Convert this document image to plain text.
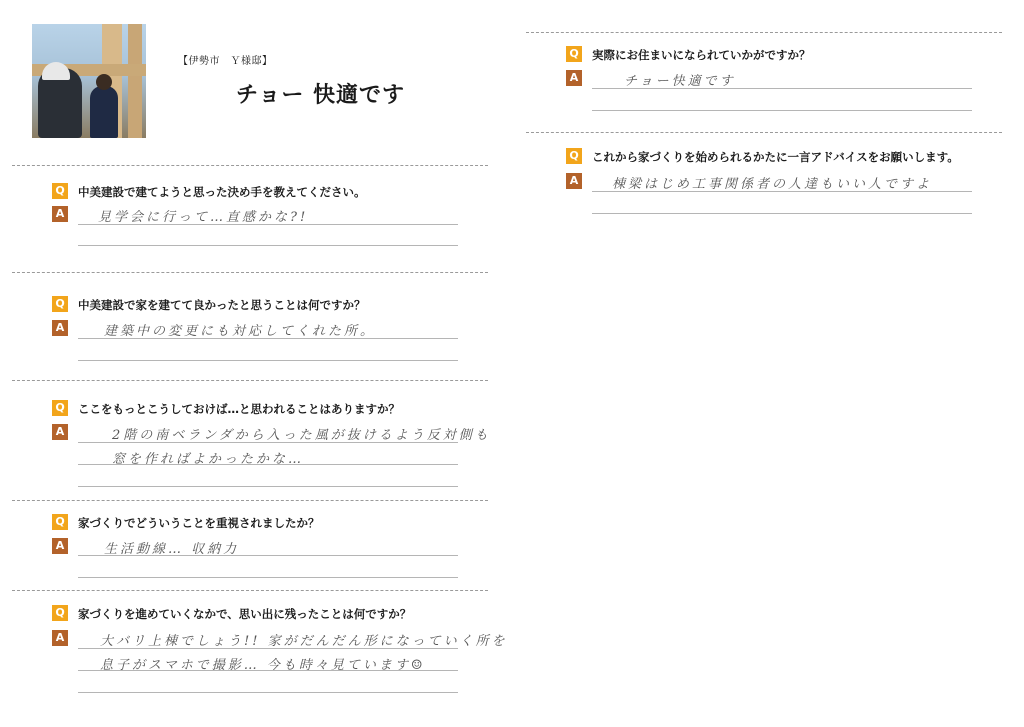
【伊勢市　Ｙ様邸】
チョー 快適です
Q 中美建設で建てようと思った決め手を教えてください。
A	見学会に行って…直感かな?!
Q 中美建設で家を建てて良かったと思うことは何ですか？
A	建築中の変更にも対応してくれた所。
Q ここをもっとこうしておけば…と思われることはありますか？
A	2階の南ベランダから入った風が抜けるよう反対側も
窓を作ればよかったかな…
Q 家づくりでどういうことを重視されましたか？
A	生活動線… 収納力
Q 家づくりを進めていくなかで、思い出に残ったことは何ですか？
A	大バリ上棟でしょう!! 家がだんだん形になっていく所を
息子がスマホで撮影… 今も時々見ています☺
Q 実際にお住まいになられていかがですか？
A	チョー快適です
Q これから家づくりを始められるかたに一言アドバイスをお願いします。
A	棟梁はじめ工事関係者の人達もいい人ですよ
